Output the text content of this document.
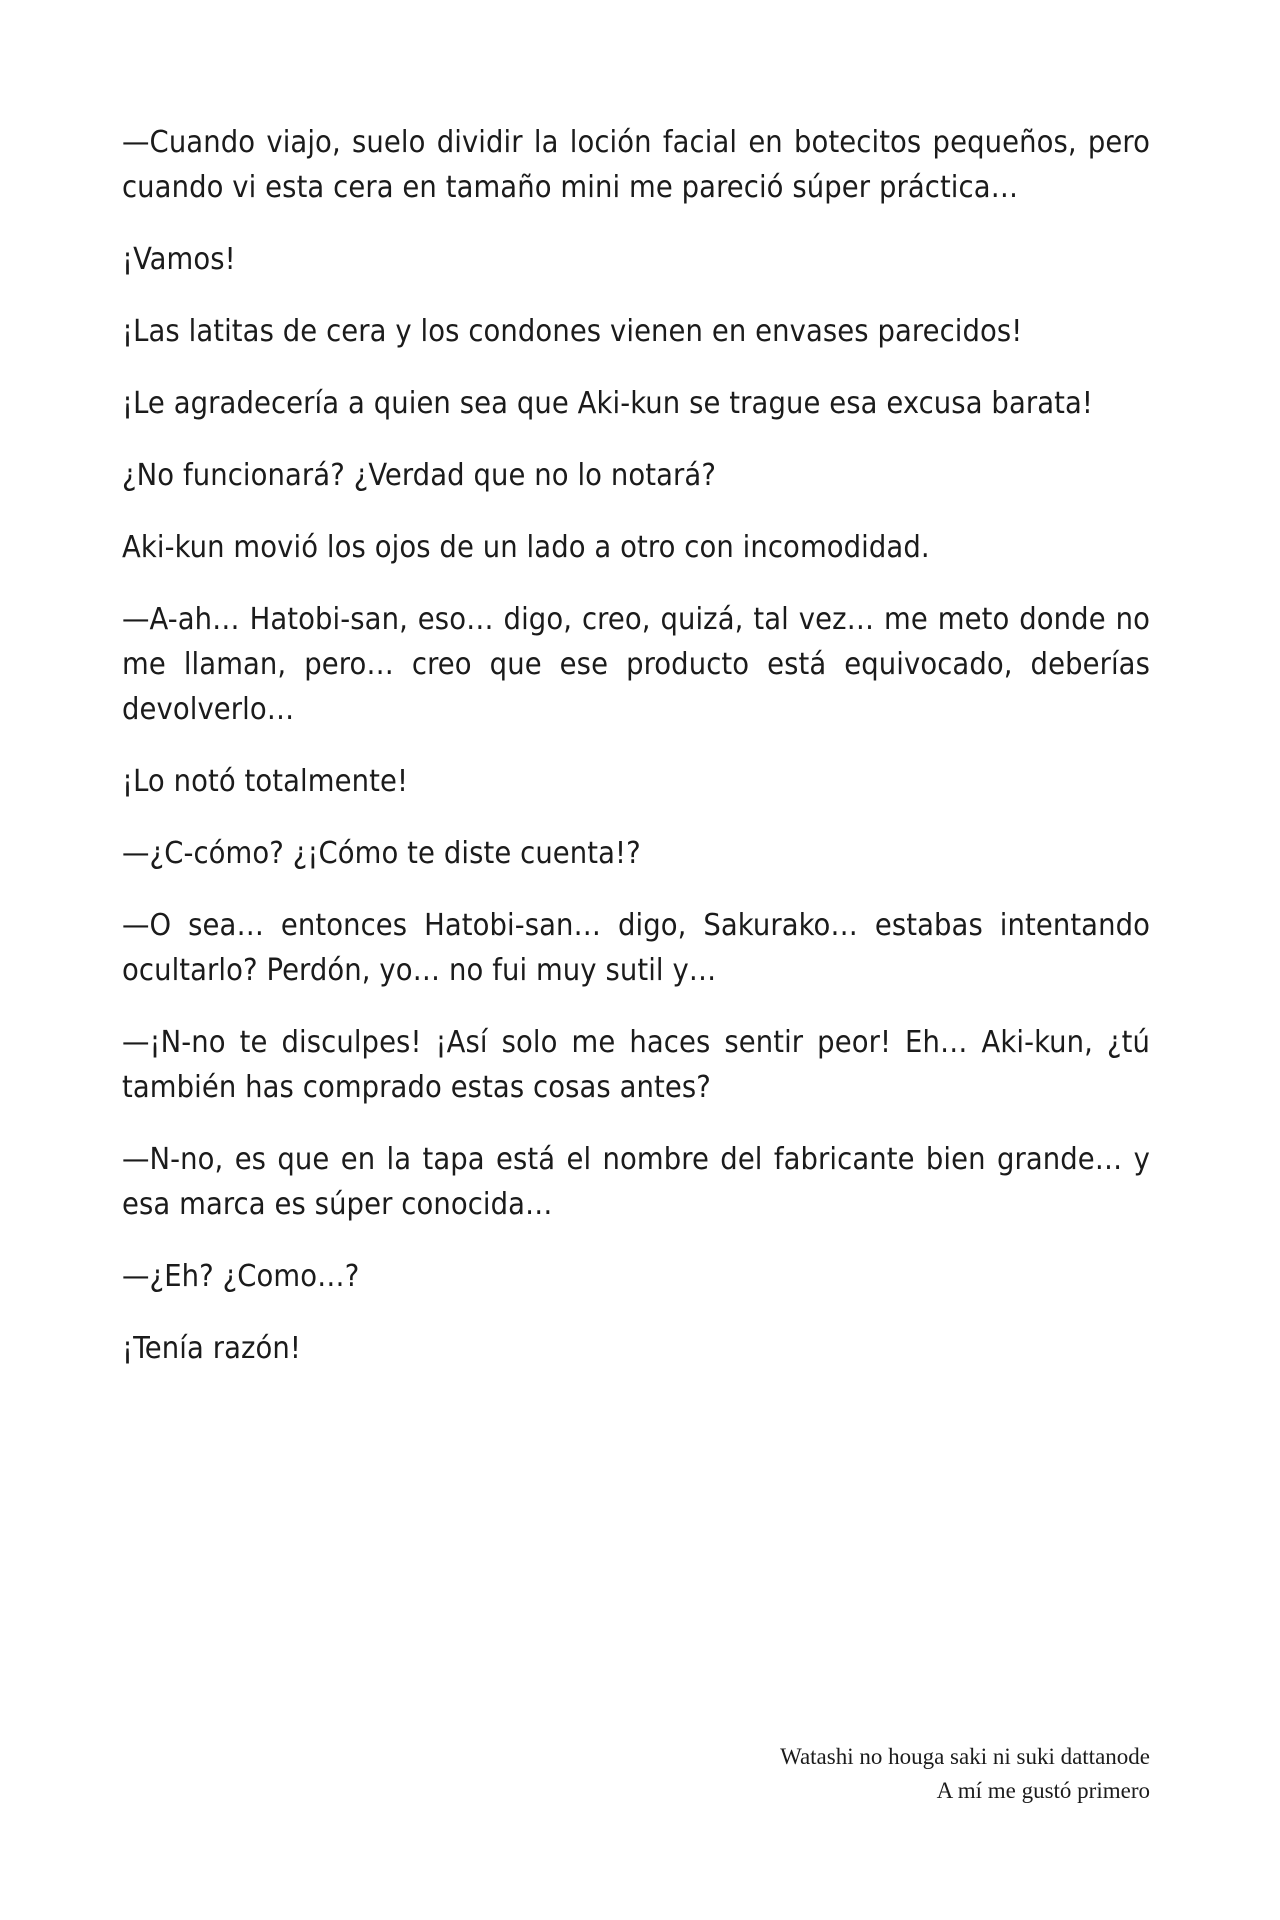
—Cuando viajo, suelo dividir la loción facial en botecitos pequeños, pero cuando vi esta cera en tamaño mini me pareció súper práctica…

¡Vamos!

¡Las latitas de cera y los condones vienen en envases parecidos!

¡Le agradecería a quien sea que Aki-kun se trague esa excusa barata!

¿No funcionará? ¿Verdad que no lo notará?

Aki-kun movió los ojos de un lado a otro con incomodidad.

—A-ah… Hatobi-san, eso… digo, creo, quizá, tal vez… me meto donde no me llaman, pero… creo que ese producto está equivocado, deberías devolverlo…

¡Lo notó totalmente!

—¿C-cómo? ¿¡Cómo te diste cuenta!?

—O sea… entonces Hatobi-san… digo, Sakurako… estabas intentando ocultarlo? Perdón, yo… no fui muy sutil y…

—¡N-no te disculpes! ¡Así solo me haces sentir peor! Eh… Aki-kun, ¿tú también has comprado estas cosas antes?

—N-no, es que en la tapa está el nombre del fabricante bien grande… y esa marca es súper conocida…

—¿Eh? ¿Como…?

¡Tenía razón!

Watashi no houga saki ni suki dattanode
A mí me gustó primero
